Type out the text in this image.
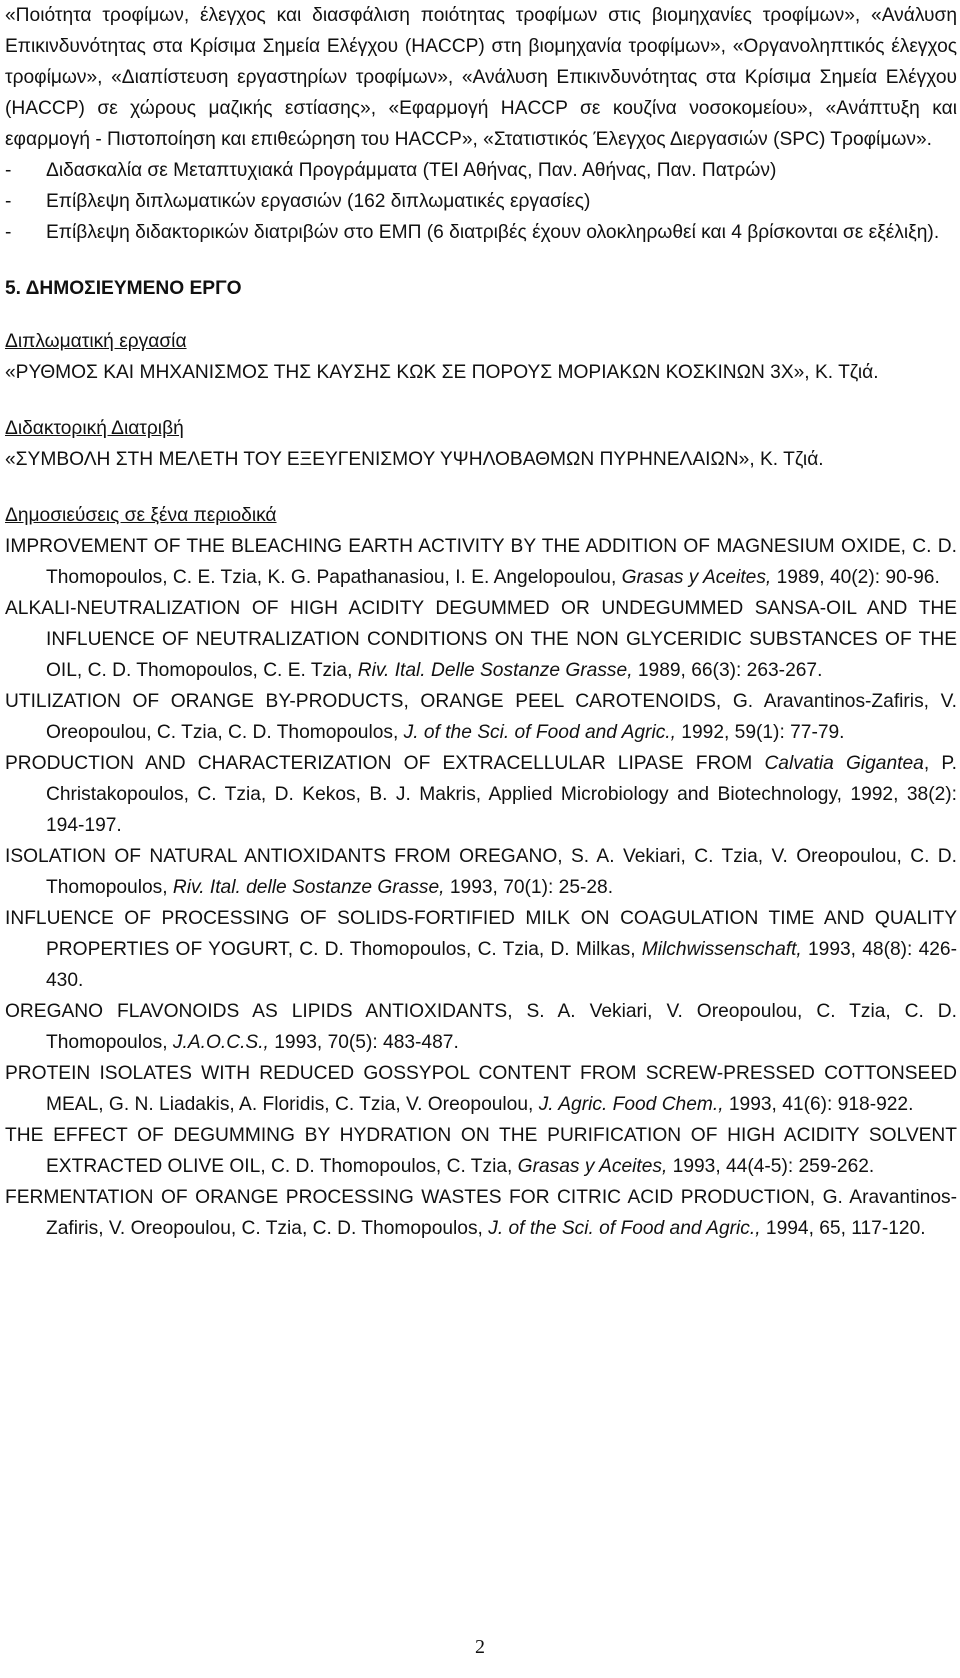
«Ποιότητα τροφίμων, έλεγχος και διασφάλιση ποιότητας τροφίμων στις βιομηχανίες τροφίμων», «Ανάλυση Επικινδυνότητας στα Κρίσιμα Σημεία Ελέγχου (HACCP) στη βιομηχανία τροφίμων», «Οργανοληπτικός έλεγχος τροφίμων», «Διαπίστευση εργαστηρίων τροφίμων», «Ανάλυση Επικινδυνότητας στα Κρίσιμα Σημεία Ελέγχου (HACCP) σε χώρους μαζικής εστίασης», «Εφαρμογή HACCP σε κουζίνα νοσοκομείου», «Ανάπτυξη και εφαρμογή - Πιστοποίηση και επιθεώρηση του HACCP», «Στατιστικός Έλεγχος Διεργασιών (SPC) Τροφίμων».
- Διδασκαλία σε Μεταπτυχιακά Προγράμματα (ΤΕΙ Αθήνας, Παν. Αθήνας, Παν. Πατρών)
- Επίβλεψη διπλωματικών εργασιών (162 διπλωματικές εργασίες)
- Επίβλεψη διδακτορικών διατριβών στο ΕΜΠ (6 διατριβές έχουν ολοκληρωθεί και 4 βρίσκονται σε εξέλιξη).
5. ΔΗΜΟΣΙΕΥΜΕΝΟ ΕΡΓΟ
Διπλωματική εργασία
«ΡΥΘΜΟΣ ΚΑΙ ΜΗΧΑΝΙΣΜΟΣ ΤΗΣ ΚΑΥΣΗΣ ΚΩΚ ΣΕ ΠΟΡΟΥΣ ΜΟΡΙΑΚΩΝ ΚΟΣΚΙΝΩΝ 3Χ», Κ. Τζιά.
Διδακτορική Διατριβή
«ΣΥΜΒΟΛΗ ΣΤΗ ΜΕΛΕΤΗ ΤΟΥ ΕΞΕΥΓΕΝΙΣΜΟΥ ΥΨΗΛΟΒΑΘΜΩΝ ΠΥΡΗΝΕΛΑΙΩΝ», Κ. Τζιά.
Δημοσιεύσεις σε ξένα περιοδικά
IMPROVEMENT OF THE BLEACHING EARTH ACTIVITY BY THE ADDITION OF MAGNESIUM OXIDE, C. D. Thomopoulos, C. E. Tzia, K. G. Papathanasiou, I. E. Angelopoulou, Grasas y Aceites, 1989, 40(2): 90-96.
ALKALI-NEUTRALIZATION OF HIGH ACIDITY DEGUMMED OR UNDEGUMMED SANSA-OIL AND THE INFLUENCE OF NEUTRALIZATION CONDITIONS ON THE NON GLYCERIDIC SUBSTANCES OF THE OIL, C. D. Thomopoulos, C. E. Tzia, Riv. Ital. Delle Sostanze Grasse, 1989, 66(3): 263-267.
UTILIZATION OF ORANGE BY-PRODUCTS, ORANGE PEEL CAROTENOIDS, G. Aravantinos-Zafiris, V. Oreopoulou, C. Tzia, C. D. Thomopoulos, J. of the Sci. of Food and Agric., 1992, 59(1): 77-79.
PRODUCTION AND CHARACTERIZATION OF EXTRACELLULAR LIPASE FROM Calvatia Gigantea, P. Christakopoulos, C. Tzia, D. Kekos, B. J. Makris, Applied Microbiology and Biotechnology, 1992, 38(2): 194-197.
ISOLATION OF NATURAL ANTIOXIDANTS FROM OREGANO, S. A. Vekiari, C. Tzia, V. Oreopoulou, C. D. Thomopoulos, Riv. Ital. delle Sostanze Grasse, 1993, 70(1): 25-28.
INFLUENCE OF PROCESSING OF SOLIDS-FORTIFIED MILK ON COAGULATION TIME AND QUALITY PROPERTIES OF YOGURT, C. D. Thomopoulos, C. Tzia, D. Milkas, Milchwissenschaft, 1993, 48(8): 426-430.
OREGANO FLAVONOIDS AS LIPIDS ANTIOXIDANTS, S. A. Vekiari, V. Oreopoulou, C. Tzia, C. D. Thomopoulos, J.A.O.C.S., 1993, 70(5): 483-487.
PROTEIN ISOLATES WITH REDUCED GOSSYPOL CONTENT FROM SCREW-PRESSED COTTONSEED MEAL, G. N. Liadakis, A. Floridis, C. Tzia, V. Oreopoulou, J. Agric. Food Chem., 1993, 41(6): 918-922.
THE EFFECT OF DEGUMMING BY HYDRATION ON THE PURIFICATION OF HIGH ACIDITY SOLVENT EXTRACTED OLIVE OIL, C. D. Thomopoulos, C. Tzia, Grasas y Aceites, 1993, 44(4-5): 259-262.
FERMENTATION OF ORANGE PROCESSING WASTES FOR CITRIC ACID PRODUCTION, G. Aravantinos-Zafiris, V. Oreopoulou, C. Tzia, C. D. Thomopoulos, J. of the Sci. of Food and Agric., 1994, 65, 117-120.
2
